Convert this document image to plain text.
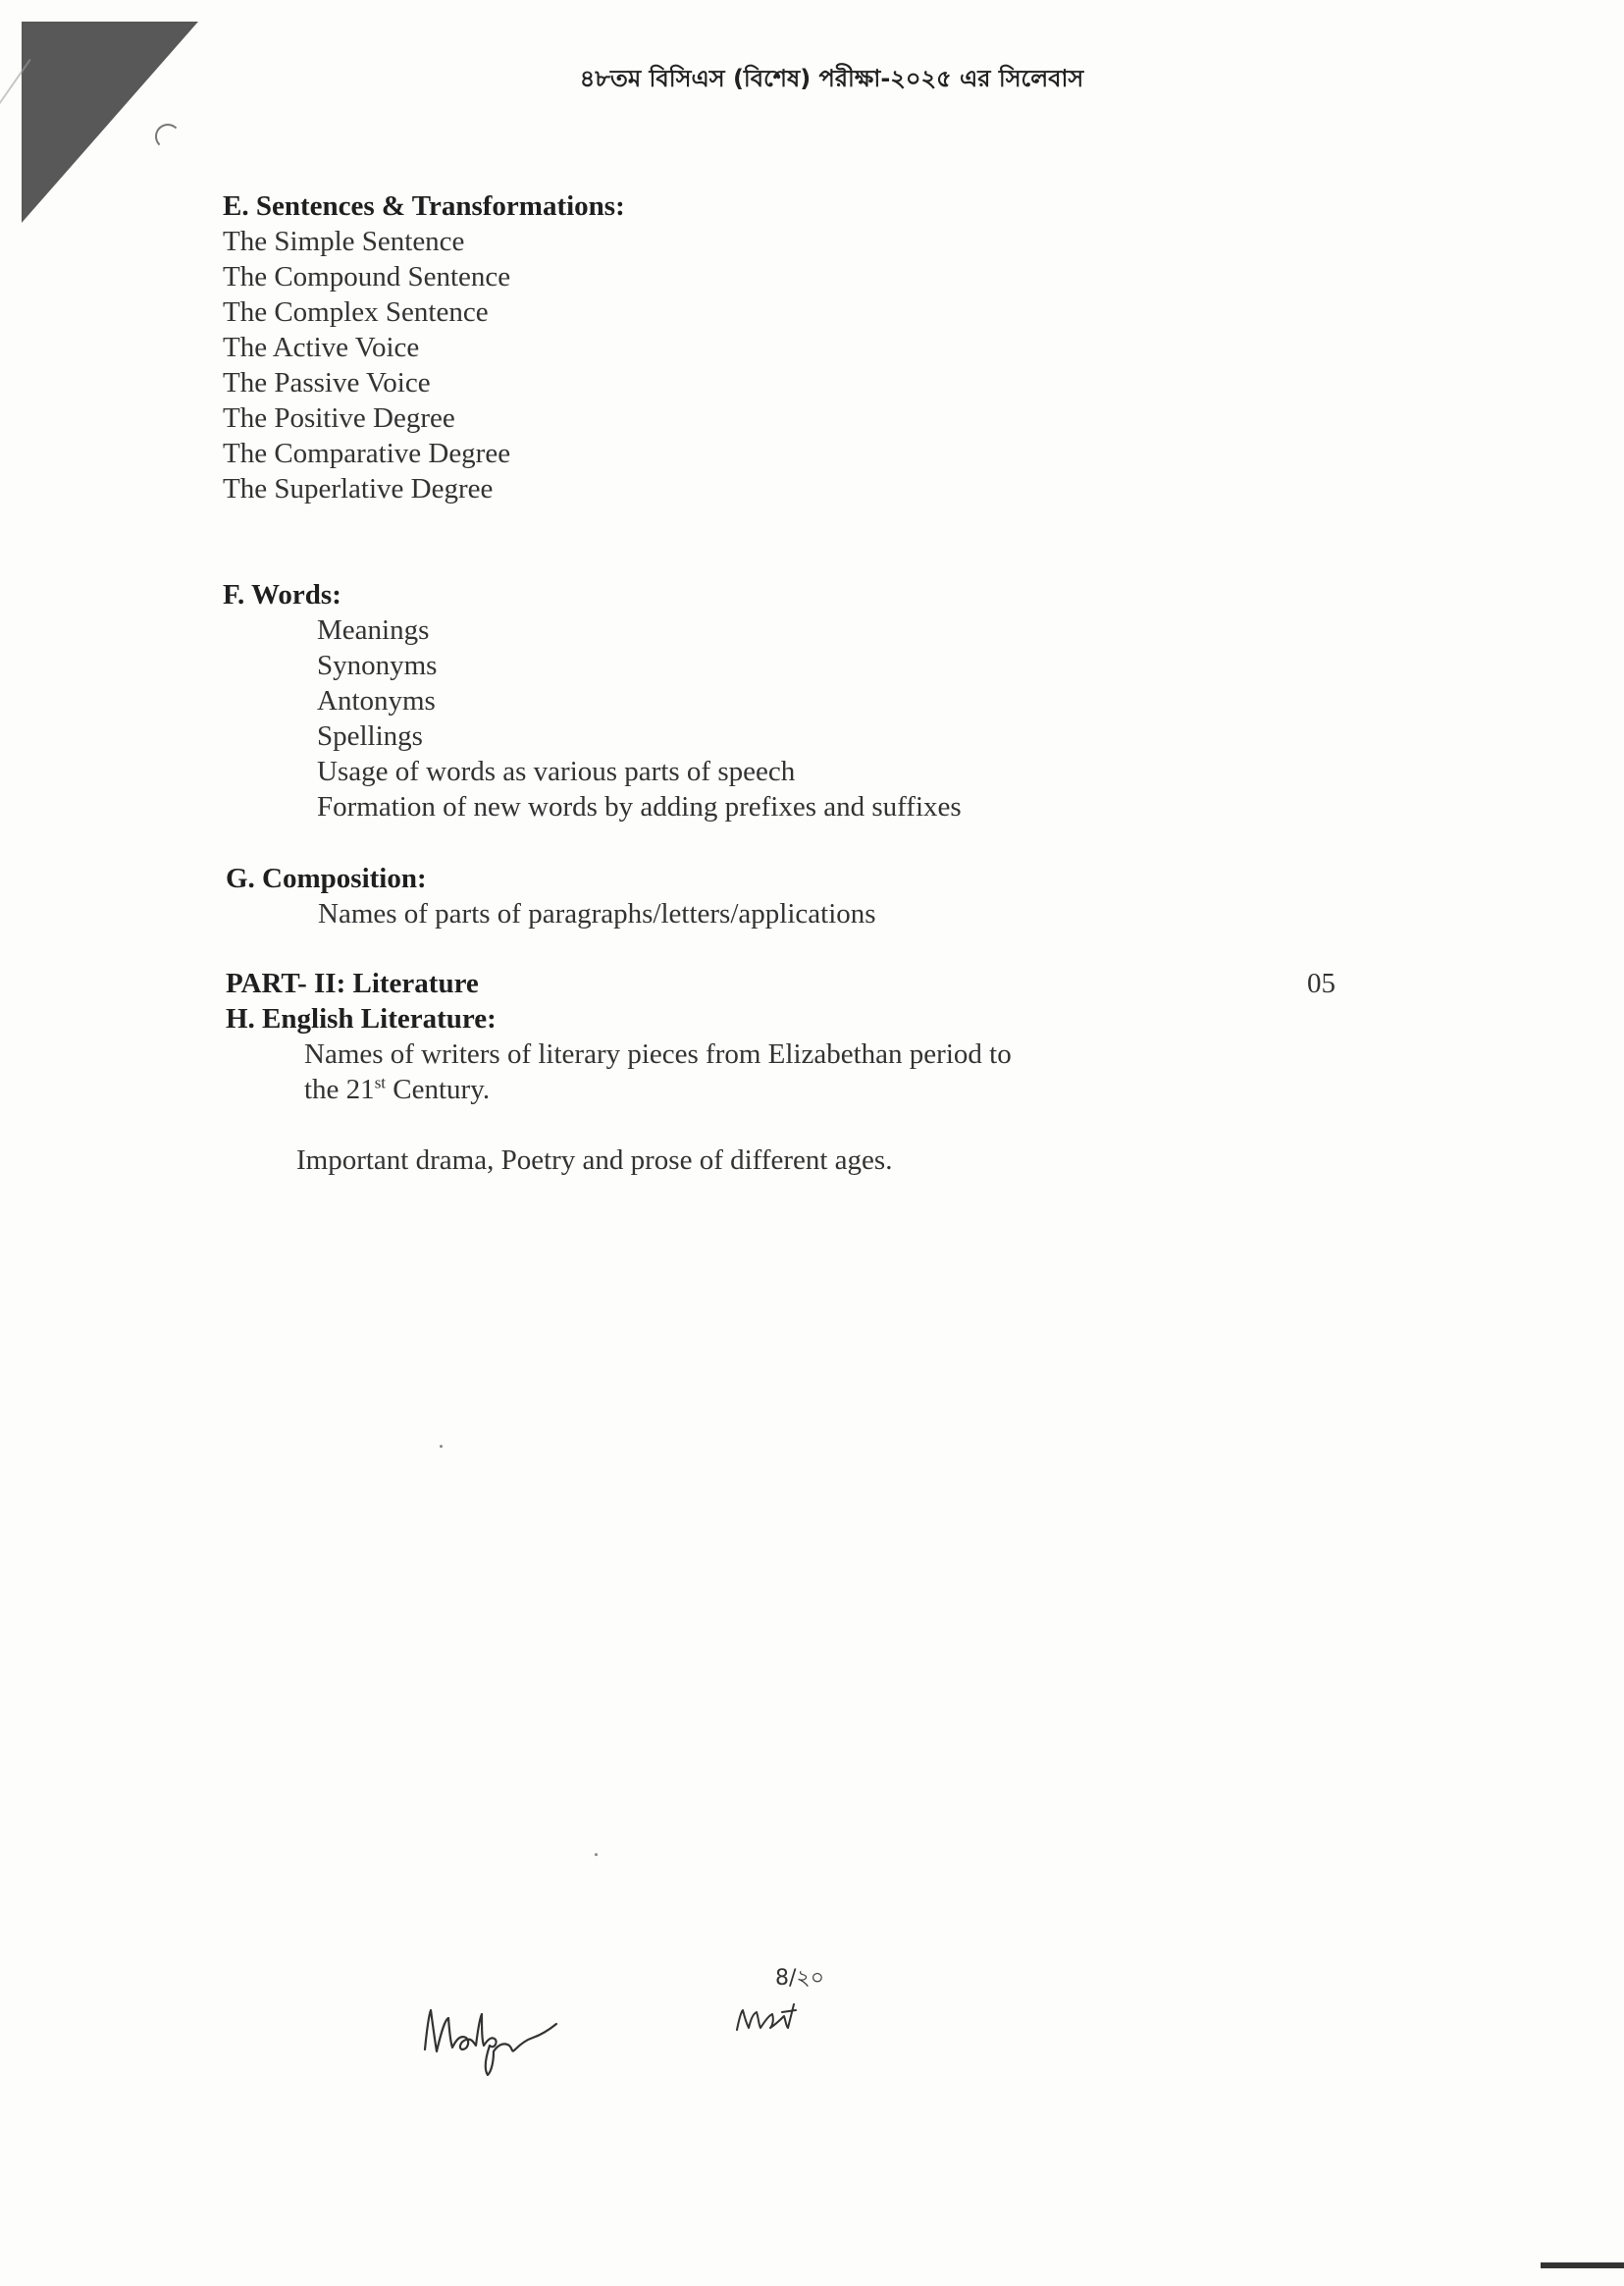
৪৮তম বিসিএস (বিশেষ) পরীক্ষা-২০২৫ এর সিলেবাস
E. Sentences & Transformations:
The Simple Sentence
The Compound Sentence
The Complex Sentence
The Active Voice
The Passive Voice
The Positive Degree
The Comparative Degree
The Superlative Degree
F. Words:
Meanings
Synonyms
Antonyms
Spellings
Usage of words as various parts of speech
Formation of new words by adding prefixes and suffixes
G. Composition:
Names of parts of paragraphs/letters/applications
PART- II: Literature
H. English Literature:
Names of writers of literary pieces from Elizabethan period to
the 21st Century.
Important drama, Poetry and prose of different ages.
05
8/২০
